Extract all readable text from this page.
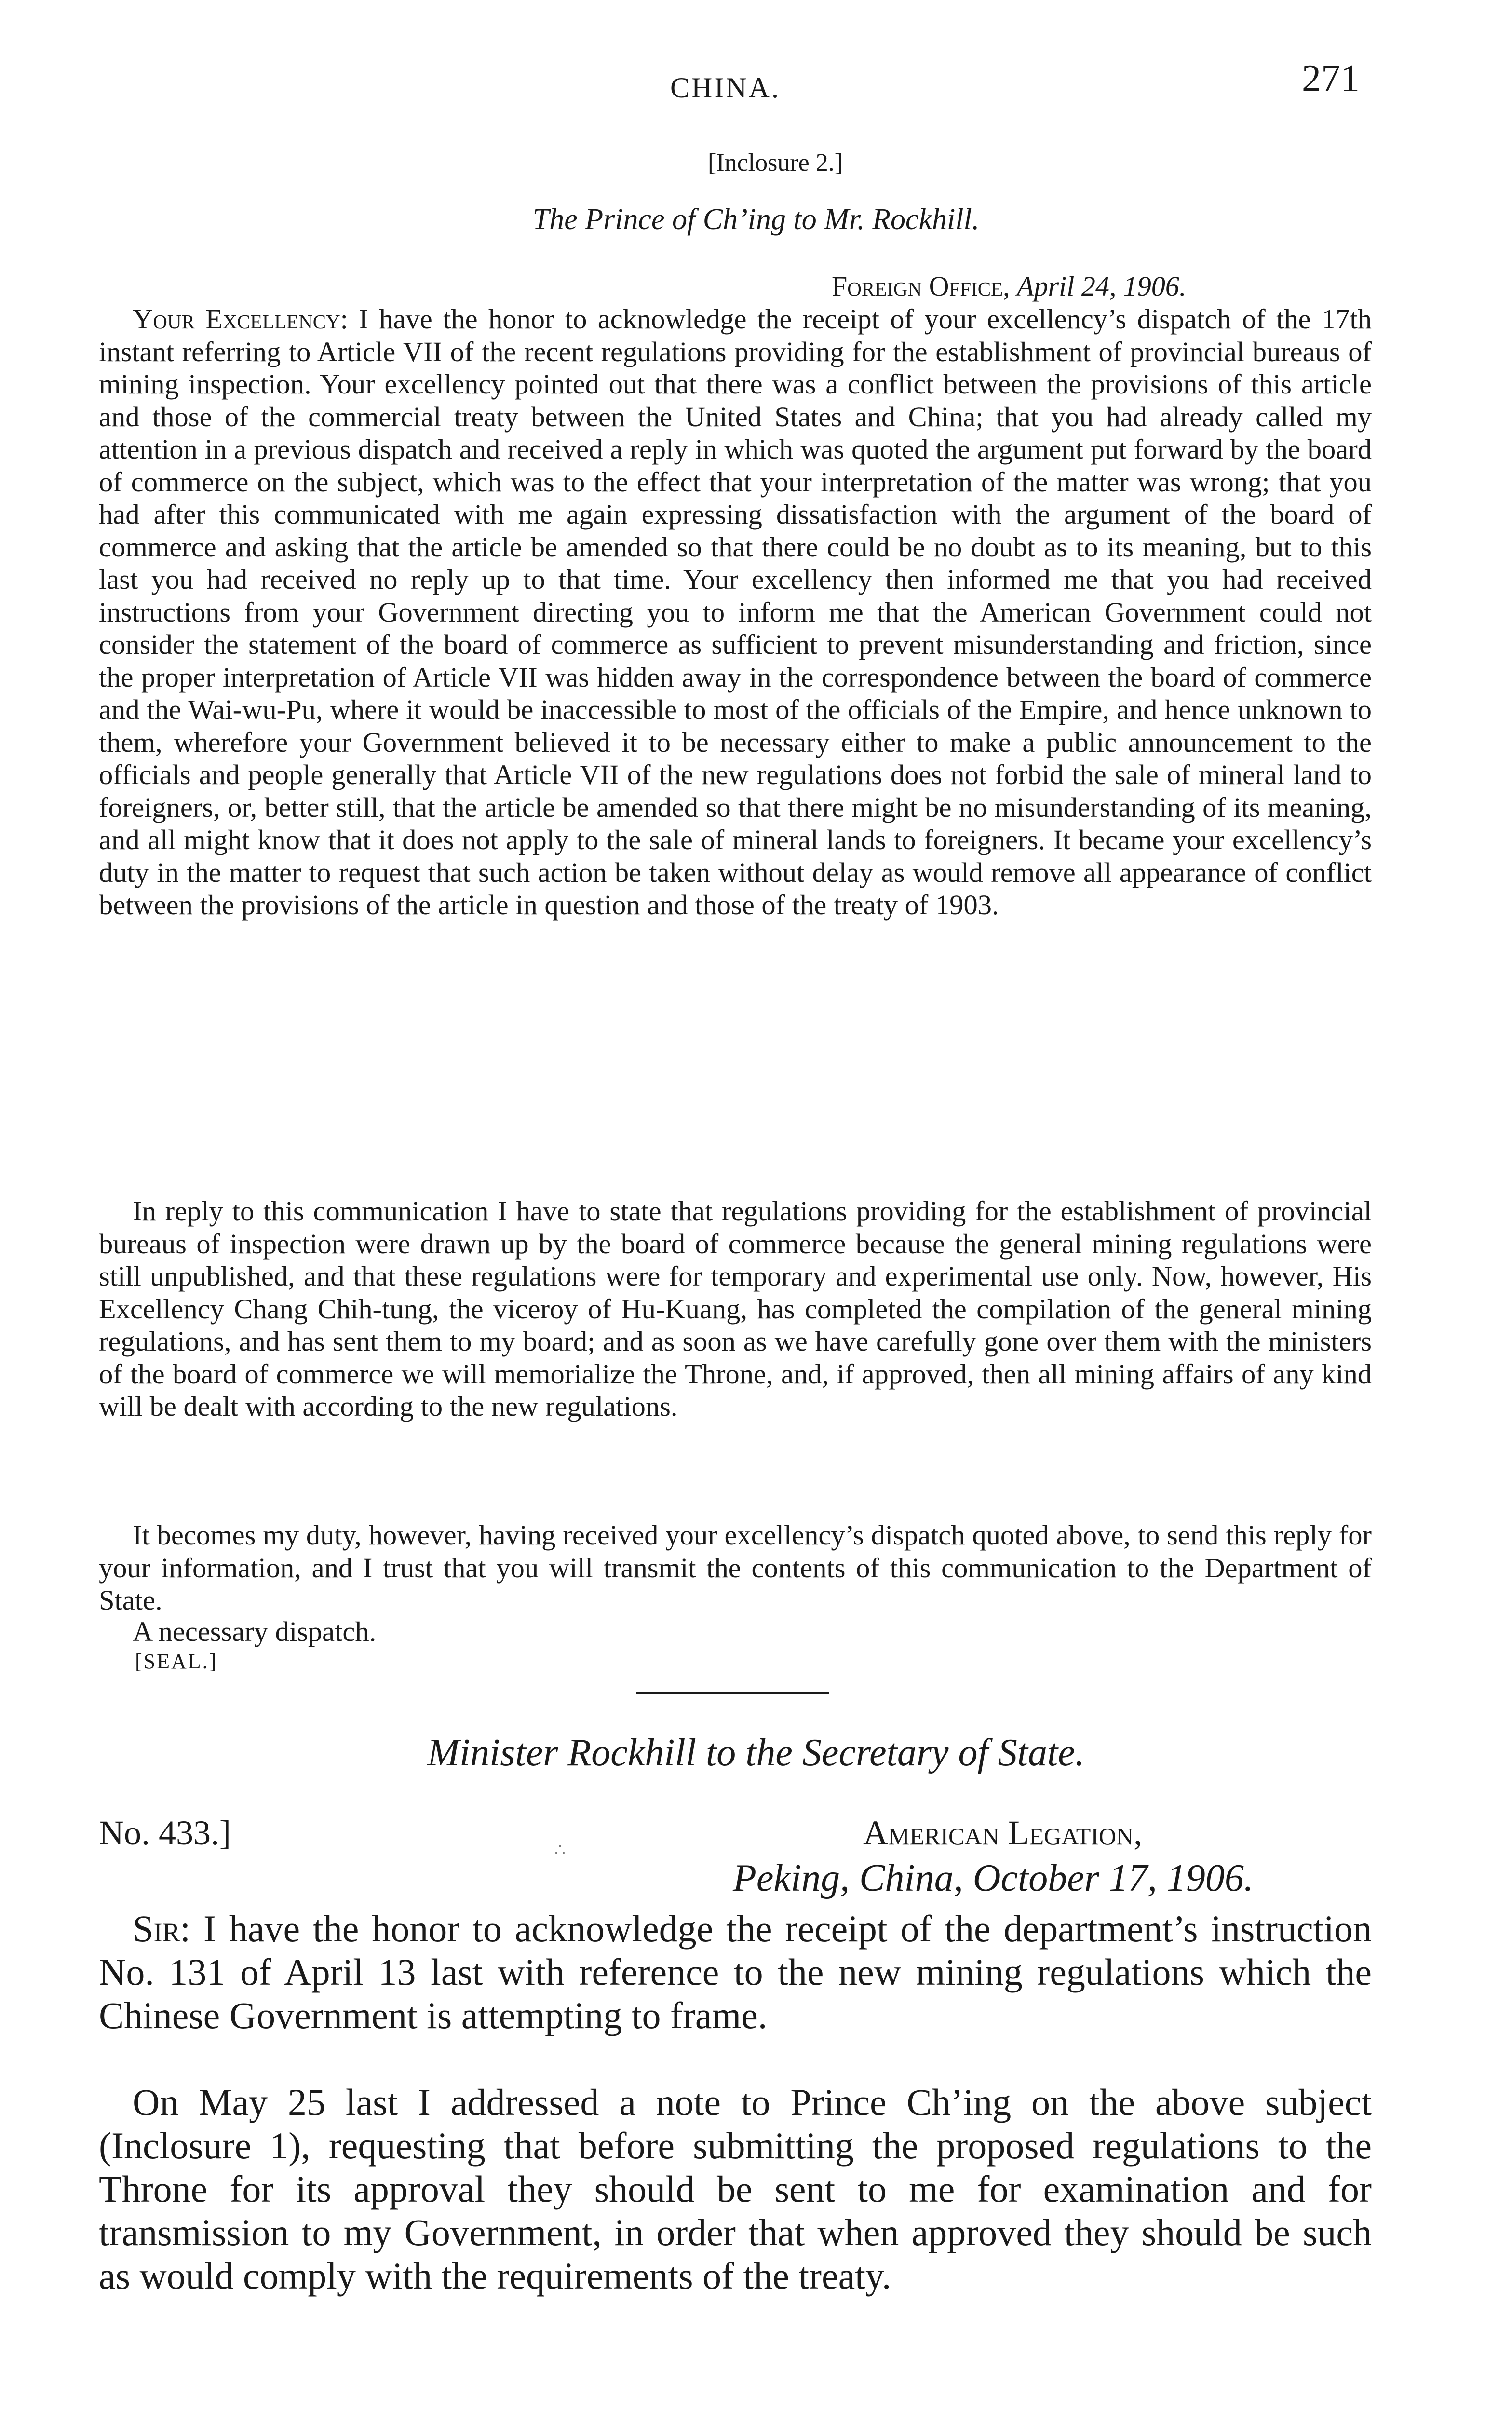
CHINA.	271
[Inclosure 2.]
The Prince of Ch’ing to Mr. Rockhill.
Foreign Office, April 24, 1906.

Your Excellency: I have the honor to acknowledge the receipt of your excellency’s dispatch of the 17th instant referring to Article VII of the recent regulations providing for the establishment of provincial bureaus of mining inspection. Your excellency pointed out that there was a conflict between the provisions of this article and those of the commercial treaty between the United States and China; that you had already called my attention in a previous dispatch and received a reply in which was quoted the argument put forward by the board of commerce on the subject, which was to the effect that your interpretation of the matter was wrong; that you had after this communicated with me again expressing dissatisfaction with the argument of the board of commerce and asking that the article be amended so that there could be no doubt as to its meaning, but to this last you had received no reply up to that time. Your excellency then informed me that you had received instructions from your Government directing you to inform me that the American Government could not consider the statement of the board of commerce as sufficient to prevent misunderstanding and friction, since the proper interpretation of Article VII was hidden away in the correspondence between the board of commerce and the Wai-wu-Pu, where it would be inaccessible to most of the officials of the Empire, and hence unknown to them, wherefore your Government believed it to be necessary either to make a public announcement to the officials and people generally that Article VII of the new regulations does not forbid the sale of mineral land to foreigners, or, better still, that the article be amended so that there might be no misunderstanding of its meaning, and all might know that it does not apply to the sale of mineral lands to foreigners. It became your excellency’s duty in the matter to request that such action be taken without delay as would remove all appearance of conflict between the provisions of the article in question and those of the treaty of 1903.

In reply to this communication I have to state that regulations providing for the establishment of provincial bureaus of inspection were drawn up by the board of commerce because the general mining regulations were still unpublished, and that these regulations were for temporary and experimental use only. Now, however, His Excellency Chang Chih-tung, the viceroy of Hu-Kuang, has completed the compilation of the general mining regulations, and has sent them to my board; and as soon as we have carefully gone over them with the ministers of the board of commerce we will memorialize the Throne, and, if approved, then all mining affairs of any kind will be dealt with according to the new regulations.

It becomes my duty, however, having received your excellency’s dispatch quoted above, to send this reply for your information, and I trust that you will transmit the contents of this communication to the Department of State.

A necessary dispatch.

[SEAL.]
Minister Rockhill to the Secretary of State.
No. 433.]	∴	American Legation,
Peking, China, October 17, 1906.

Sir: I have the honor to acknowledge the receipt of the department’s instruction No. 131 of April 13 last with reference to the new mining regulations which the Chinese Government is attempting to frame.

On May 25 last I addressed a note to Prince Ch’ing on the above subject (Inclosure 1), requesting that before submitting the proposed regulations to the Throne for its approval they should be sent to me for examination and for transmission to my Government, in order that when approved they should be such as would comply with the requirements of the treaty.
